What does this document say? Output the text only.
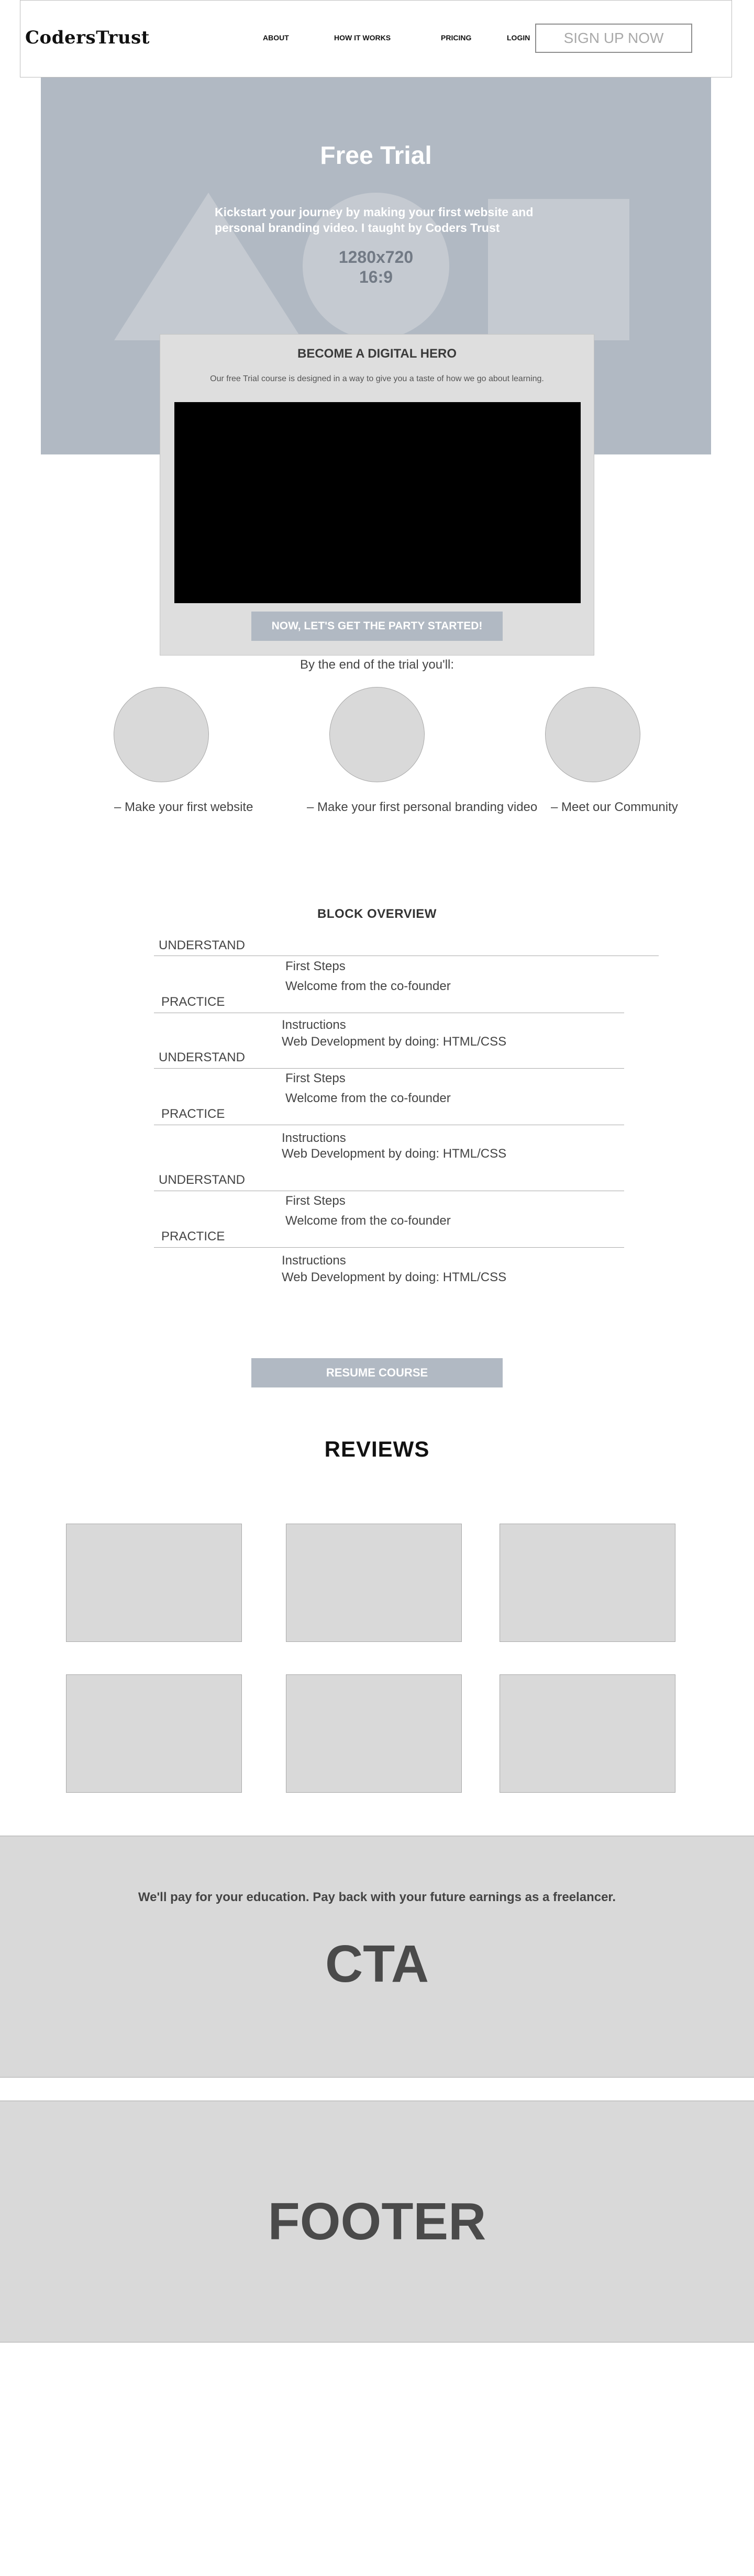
CodersTrust	ABOUT	HOW IT WORKS	PRICING	LOGIN	SIGN UP NOW
Free Trial
Kickstart your journey by making your first website and personal branding video. I taught by Coders Trust
1280x720
16:9
BECOME A DIGITAL HERO
Our free Trial course is designed in a way to give you a taste of how we go about learning.
NOW, LET'S GET THE PARTY STARTED!
By the end of the trial you'll:
– Make your first website	– Make your first personal branding video – Meet our Community
BLOCK OVERVIEW
UNDERSTAND
First Steps
Welcome from the co-founder
PRACTICE
Instructions
Web Development by doing: HTML/CSS
UNDERSTAND
First Steps
Welcome from the co-founder
PRACTICE
Instructions
Web Development by doing: HTML/CSS
UNDERSTAND
First Steps
Welcome from the co-founder
PRACTICE
Instructions
Web Development by doing: HTML/CSS
RESUME COURSE
REVIEWS
We'll pay for your education. Pay back with your future earnings as a freelancer.
CTA
FOOTER
